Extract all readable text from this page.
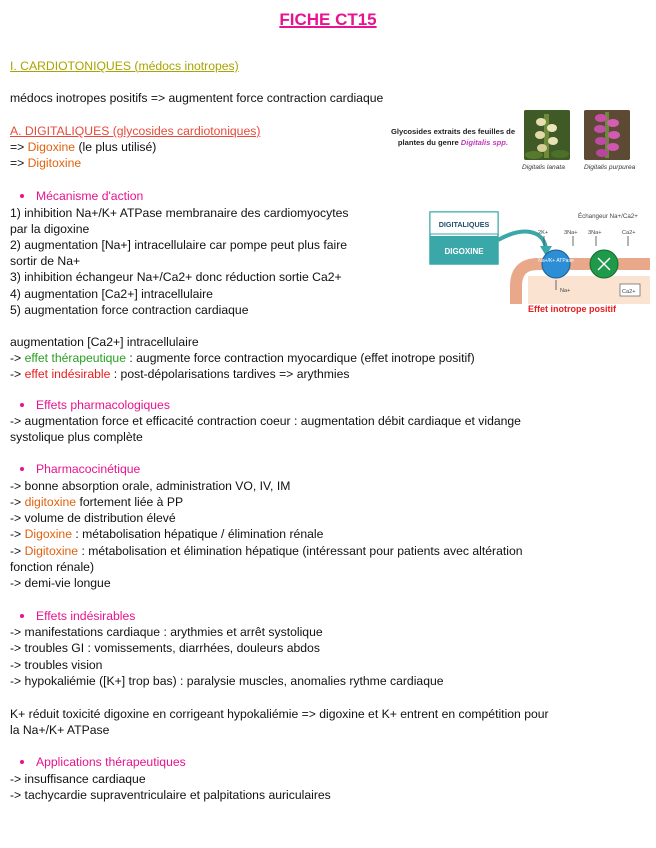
FICHE CT15
I. CARDIOTONIQUES (médocs inotropes)
médocs inotropes positifs => augmentent force contraction cardiaque
A. DIGITALIQUES (glycosides cardiotoniques)
=> Digoxine (le plus utilisé)
=> Digitoxine
Glycosides extraits des feuilles de
plantes du genre Digitalis spp.
Digitalis lanata	Digitalis purpurea
Mécanisme d'action
1) inhibition Na+/K+ ATPase membranaire des cardiomyocytes
par la digoxine
2) augmentation [Na+] intracellulaire car pompe peut plus faire
sortir de Na+
3) inhibition échangeur Na+/Ca2+ donc réduction sortie Ca2+
4) augmentation [Ca2+] intracellulaire
5) augmentation force contraction cardiaque
DIGITALIQUES
DIGOXINE
Échangeur Na+/Ca2+
2K+	3Na+ 3Na+	Ca2+
Na+/K+ ATPase
Na+	Ca2+
Effet inotrope positif
augmentation [Ca2+] intracellulaire
-> effet thérapeutique : augmente force contraction myocardique (effet inotrope positif)
-> effet indésirable : post-dépolarisations tardives => arythmies
Effets pharmacologiques
-> augmentation force et efficacité contraction coeur : augmentation débit cardiaque et vidange
systolique plus complète
Pharmacocinétique
-> bonne absorption orale, administration VO, IV, IM
-> digitoxine fortement liée à PP
-> volume de distribution élevé
-> Digoxine : métabolisation hépatique / élimination rénale
-> Digitoxine : métabolisation et élimination hépatique (intéressant pour patients avec altération
fonction rénale)
-> demi-vie longue
Effets indésirables
-> manifestations cardiaque : arythmies et arrêt systolique
-> troubles GI : vomissements, diarrhées, douleurs abdos
-> troubles vision
-> hypokaliémie ([K+] trop bas) : paralysie muscles, anomalies rythme cardiaque
K+ réduit toxicité digoxine en corrigeant hypokaliémie => digoxine et K+ entrent en compétition pour
la Na+/K+ ATPase
Applications thérapeutiques
-> insuffisance cardiaque
-> tachycardie supraventriculaire et palpitations auriculaires
